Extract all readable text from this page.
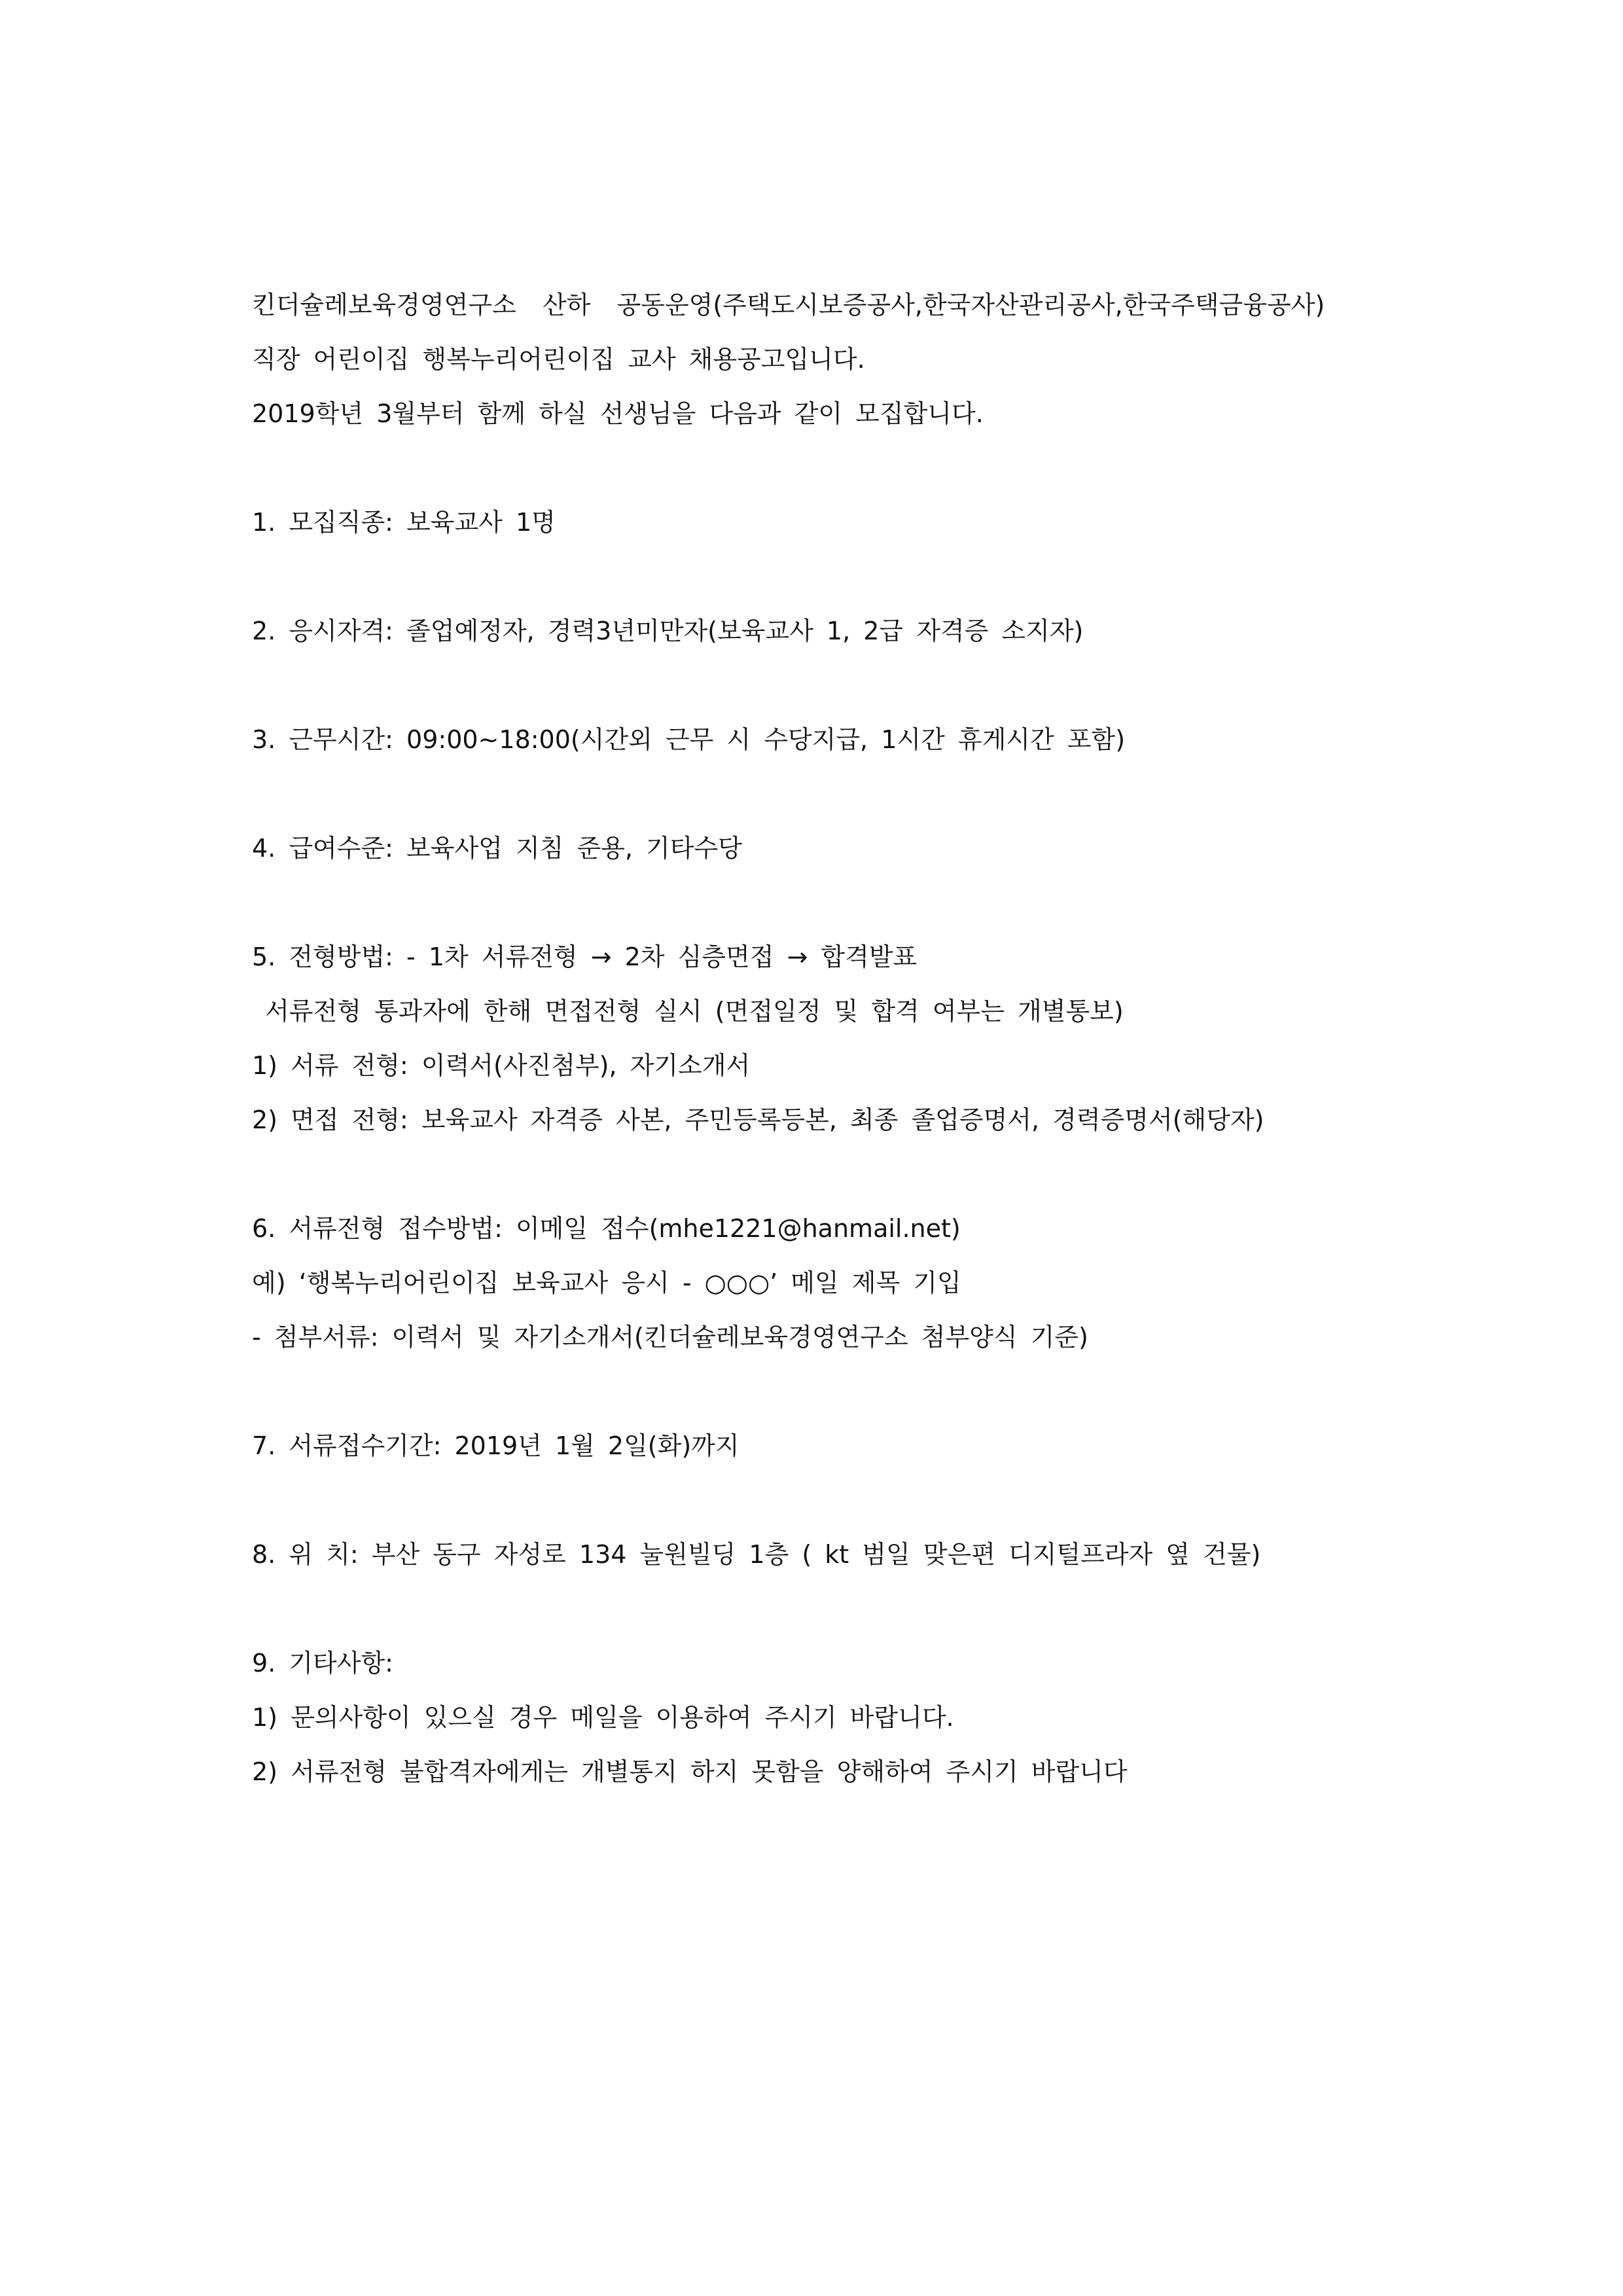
킨더슐레보육경영연구소  산하  공동운영(주택도시보증공사,한국자산관리공사,한국주택금융공사)
직장 어린이집 행복누리어린이집 교사 채용공고입니다.
2019학년 3월부터 함께 하실 선생님을 다음과 같이 모집합니다.
1. 모집직종: 보육교사 1명
2. 응시자격: 졸업예정자, 경력3년미만자(보육교사 1, 2급 자격증 소지자)
3. 근무시간: 09:00~18:00(시간외 근무 시 수당지급, 1시간 휴게시간 포함)
4. 급여수준: 보육사업 지침 준용, 기타수당
5. 전형방법: - 1차 서류전형 → 2차 심층면접 → 합격발표
서류전형 통과자에 한해 면접전형 실시 (면접일정 및 합격 여부는 개별통보)
1) 서류 전형: 이력서(사진첨부), 자기소개서
2) 면접 전형: 보육교사 자격증 사본, 주민등록등본, 최종 졸업증명서, 경력증명서(해당자)
6. 서류전형 접수방법: 이메일 접수(mhe1221@hanmail.net)
예) ‘행복누리어린이집 보육교사 응시 - ○○○’ 메일 제목 기입
- 첨부서류: 이력서 및 자기소개서(킨더슐레보육경영연구소 첨부양식 기준)
7. 서류접수기간: 2019년 1월 2일(화)까지
8. 위 치: 부산 동구 자성로 134 눌원빌딩 1층 ( kt 범일 맞은편 디지털프라자 옆 건물)
9. 기타사항:
1) 문의사항이 있으실 경우 메일을 이용하여 주시기 바랍니다.
2) 서류전형 불합격자에게는 개별통지 하지 못함을 양해하여 주시기 바랍니다
